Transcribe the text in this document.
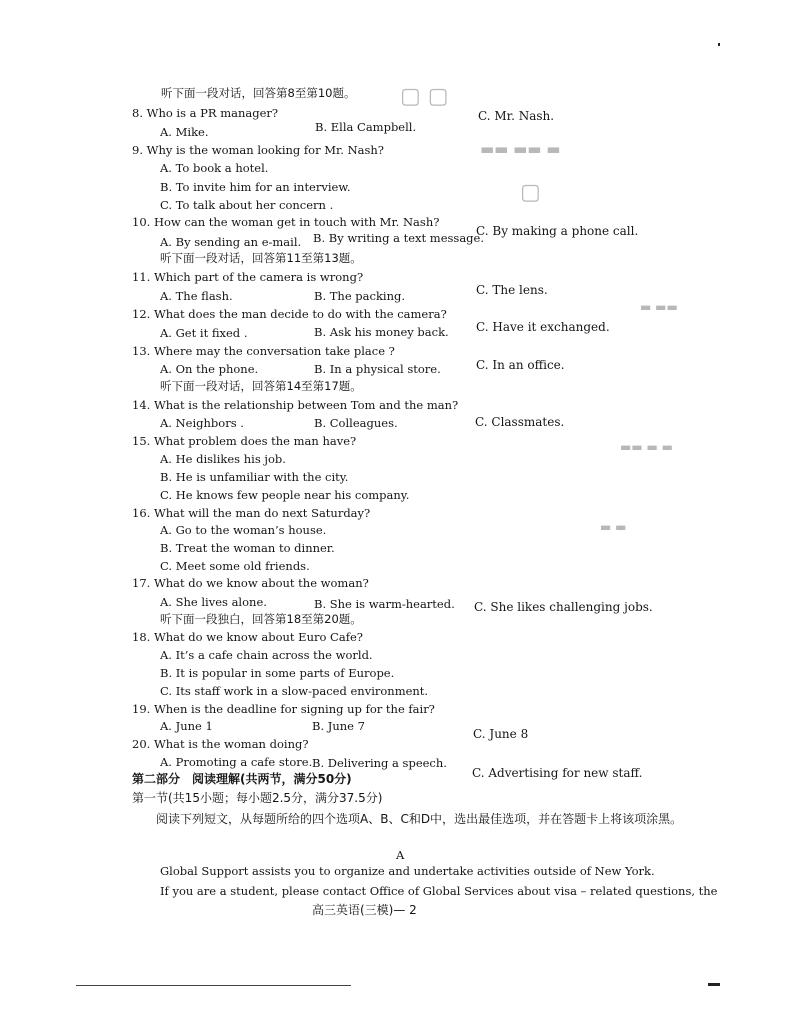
▢ ▢
▬▬ ▬▬ ▬
▢
▬ ▬▬
▬▬ ▬ ▬
▬ ▬
听下面一段对话，回答第8至第10题。
8. Who is a PR manager?
A. Mike.	B. Ella Campbell.
C. Mr. Nash.
9. Why is the woman looking for Mr. Nash?
A. To book a hotel.
B. To invite him for an interview.
C. To talk about her concern .
10. How can the woman get in touch with Mr. Nash?
A. By sending an e-mail. B. By writing a text message.
C. By making a phone call.
听下面一段对话，回答第11至第13题。
11. Which part of the camera is wrong?
A. The flash.	B. The packing.	C. The lens.
12. What does the man decide to do with the camera?
A. Get it fixed .	B. Ask his money back. C. Have it exchanged.
13. Where may the conversation take place ?
A. On the phone.	B. In a physical store.	C. In an office.
听下面一段对话，回答第14至第17题。
14. What is the relationship between Tom and the man?
A. Neighbors .	B. Colleagues.	C. Classmates.
15. What problem does the man have?
A. He dislikes his job.
B. He is unfamiliar with the city.
C. He knows few people near his company.
16. What will the man do next Saturday?
A. Go to the woman’s house.
B. Treat the woman to dinner.
C. Meet some old friends.
17. What do we know about the woman?
A. She lives alone.	B. She is warm-hearted. C. She likes challenging jobs.
听下面一段独白，回答第18至第20题。
18. What do we know about Euro Cafe?
A. It’s a cafe chain across the world.
B. It is popular in some parts of Europe.
C. Its staff work in a slow-paced environment.
19. When is the deadline for signing up for the fair?
A. June 1	B. June 7
C. June 8
20. What is the woman doing?
A. Promoting a cafe store. B. Delivering a speech.
C. Advertising for new staff.
第二部分　阅读理解(共两节，满分50分)
第一节(共15小题；每小题2.5分，满分37.5分)
阅读下列短文，从每题所给的四个选项A、B、C和D中，选出最佳选项，并在答题卡上将该项涂黑。
A
Global Support assists you to organize and undertake activities outside of New York.
If you are a student, please contact Office of Global Services about visa – related questions, the
高三英语(三模)— 2
